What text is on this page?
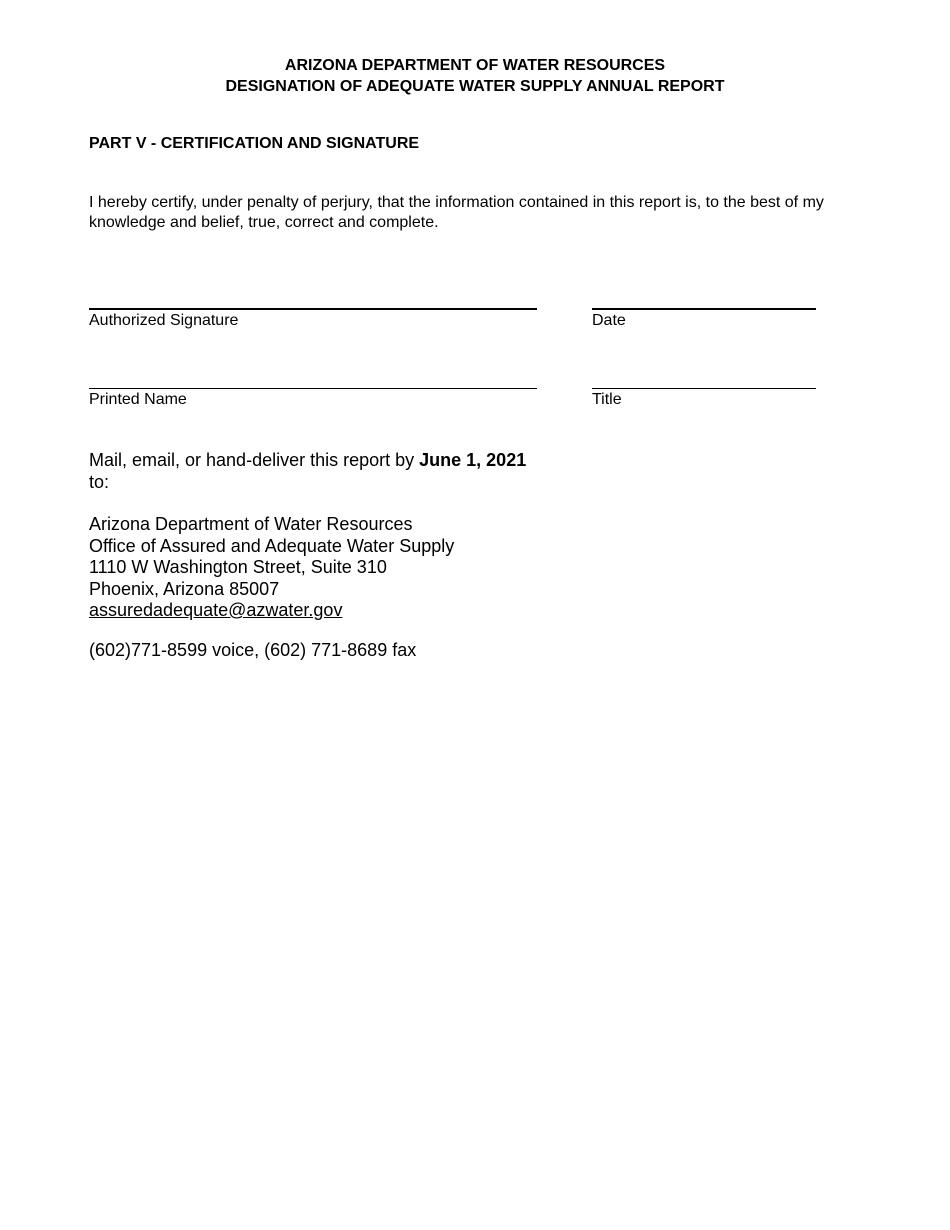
ARIZONA DEPARTMENT OF WATER RESOURCES
DESIGNATION OF ADEQUATE WATER SUPPLY ANNUAL REPORT
PART V - CERTIFICATION AND SIGNATURE
I hereby certify, under penalty of perjury, that the information contained in this report is, to the best of my knowledge and belief, true, correct and complete.
Authorized Signature	Date
Printed Name	Title
Mail, email, or hand-deliver this report by June 1, 2021
to:
Arizona Department of Water Resources
Office of Assured and Adequate Water Supply
1110 W Washington Street, Suite 310
Phoenix, Arizona 85007
assuredadequate@azwater.gov
(602)771-8599 voice, (602) 771-8689 fax
